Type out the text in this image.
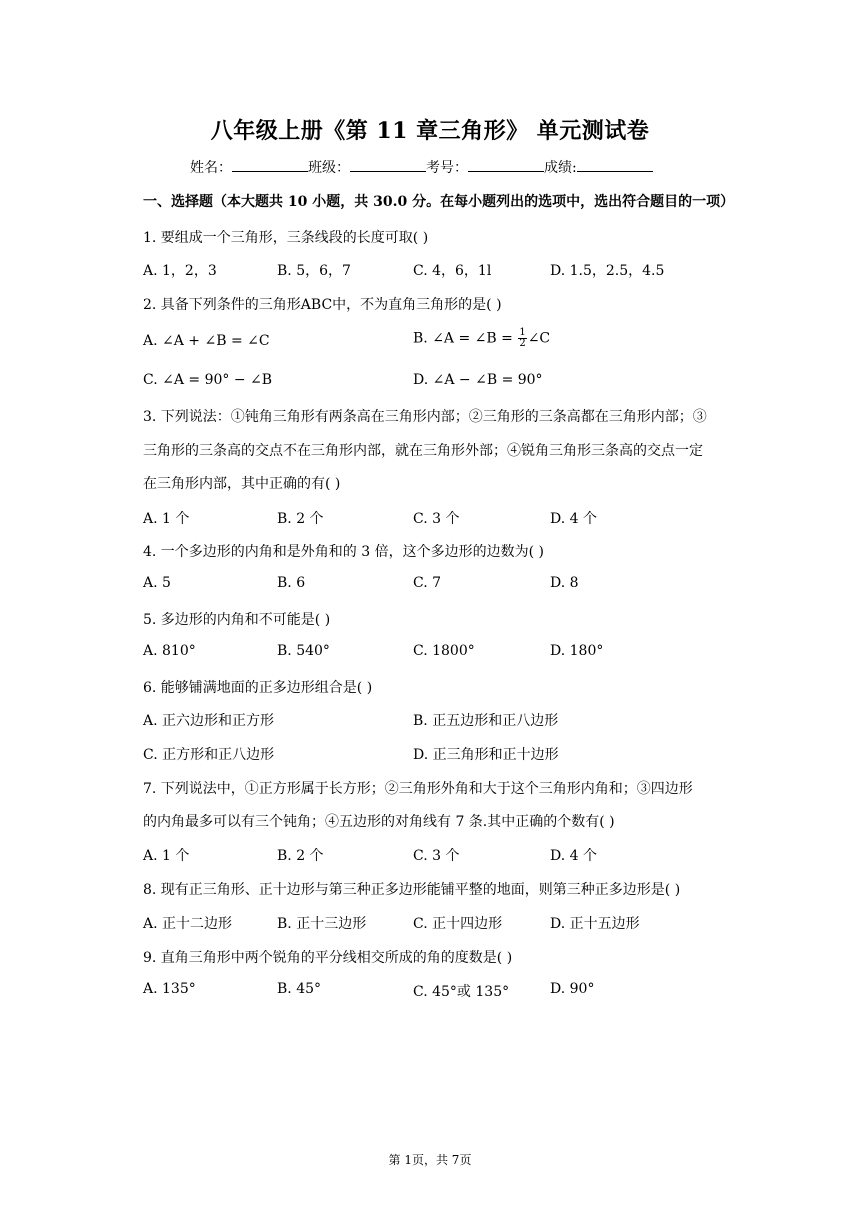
八年级上册《第 11 章三角形》 单元测试卷
姓名：	班级：	考号：	成绩:
一、选择题（本大题共 10 小题，共 30.0 分。在每小题列出的选项中，选出符合题目的一项）
1. 要组成一个三角形，三条线段的长度可取( )
A. 1，2，3	B. 5，6，7	C. 4，6，1l	D. 1.5，2.5，4.5
2. 具备下列条件的三角形ABC中，不为直角三角形的是( )
A. ∠A + ∠B = ∠C	B. ∠A = ∠B = $\frac{1}{2}$ ∠C
C. ∠A = 90° − ∠B	D. ∠A − ∠B = 90°
3. 下列说法：①钝角三角形有两条高在三角形内部；②三角形的三条高都在三角形内部；③
三角形的三条高的交点不在三角形内部，就在三角形外部；④锐角三角形三条高的交点一定
在三角形内部，其中正确的有( )
A. 1 个	B. 2 个	C. 3 个	D. 4 个
4. 一个多边形的内角和是外角和的 3 倍，这个多边形的边数为( )
A. 5	B. 6	C. 7	D. 8
5. 多边形的内角和不可能是( )
A. 810°	B. 540°	C. 1800°	D. 180°
6. 能够铺满地面的正多边形组合是( )
A. 正六边形和正方形	B. 正五边形和正八边形
C. 正方形和正八边形	D. 正三角形和正十边形
7. 下列说法中，①正方形属于长方形；②三角形外角和大于这个三角形内角和；③四边形
的内角最多可以有三个钝角；④五边形的对角线有 7 条.其中正确的个数有( )
A. 1 个	B. 2 个	C. 3 个	D. 4 个
8. 现有正三角形、正十边形与第三种正多边形能铺平整的地面，则第三种正多边形是( )
A. 正十二边形	B. 正十三边形	C. 正十四边形	D. 正十五边形
9. 直角三角形中两个锐角的平分线相交所成的角的度数是( )
A. 135°	B. 45°	C. 45°或 135°	D. 90°
第 1页，共 7页
